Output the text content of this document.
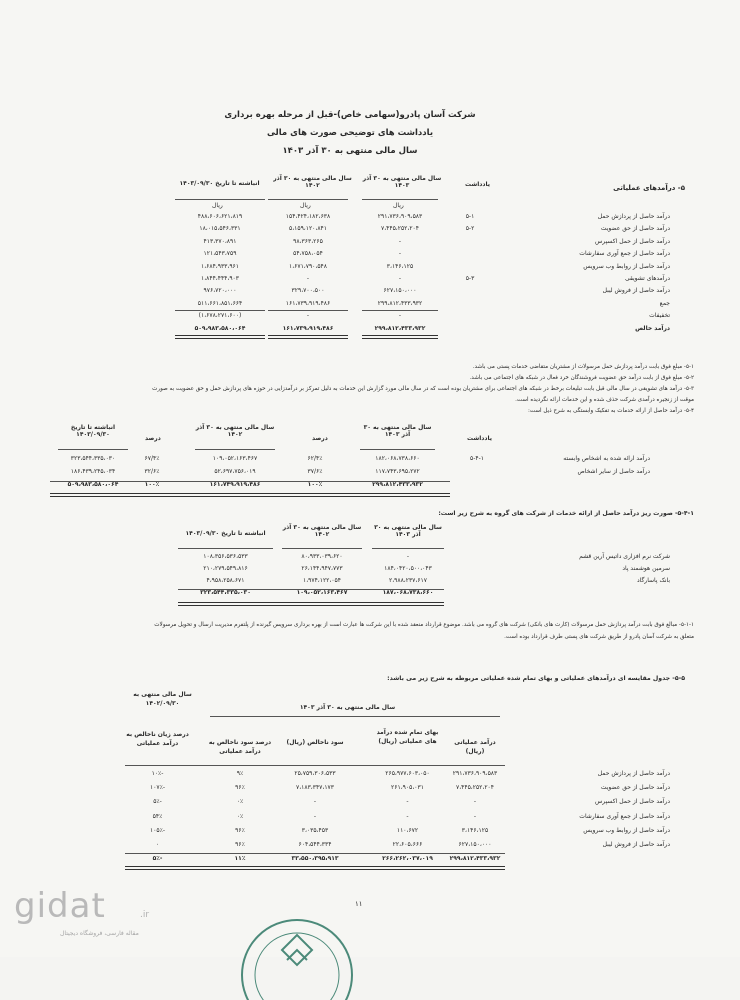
شرکت آسان پادرو(سهامی خاص)-قبل از مرحله بهره برداری
یادداشت های توضیحی صورت های مالی
سال مالی منتهی به ۳۰ آذر ۱۴۰۳
۵- درآمدهای عملیاتی
یادداشت
سال مالی منتهی به ۳۰ آذر ۱۴۰۳
سال مالی منتهی به ۳۰ آذر ۱۴۰۲
انباشته تا تاریخ ۱۴۰۳/۰۹/۳۰
ریال
ریال
ریال
درآمد حاصل از پردازش حمل
۵-۱
۲۹۱،۷۳۶،۹۰۹،۵۸۳
۱۵۴،۴۲۴،۱۸۲،۶۳۸
۴۸۸،۶۰۶،۶۲۱،۸۱۹
درآمد حاصل از حق عضویت
۵-۲
۷،۴۴۵،۲۵۲،۲۰۴
۵،۱۵۹،۱۲۰،۸۴۱
۱۸،۰۱۵،۵۴۶،۳۳۱
درآمد حاصل از حمل اکسپرس
-
۹۸،۳۶۳،۲۶۵
۴۱۳،۳۷۰،۸۹۱
درآمد حاصل از جمع آوری سفارشات
-
۵۴،۷۵۸،۰۵۴
۱۲۱،۵۴۳،۷۵۹
درآمد حاصل از روابط وب سرویس
۳،۱۴۶،۱۲۵
۱،۶۷۱،۷۹۰،۵۴۸
۱،۶۸۴،۹۳۳،۹۶۱
درآمدهای تشویقی
۵-۳
-
-
۱،۸۴۴،۴۴۴،۹۰۳
درآمد حاصل از فروش لیبل
۶۲۷،۱۵۰،۰۰۰
۳۲۹،۷۰۰،۵۰۰
۹۷۶،۷۲۰،۰۰۰
جمع
۲۹۹،۸۱۲،۴۳۳،۹۳۲
۱۶۱،۷۳۹،۹۱۹،۴۸۶
۵۱۱،۶۶۱،۸۵۱،۶۶۴
تخفیفات
-
-
(۱،۶۷۸،۲۷۱،۶۰۰)
درآمد خالص
۲۹۹،۸۱۲،۴۳۳،۹۳۲
۱۶۱،۷۳۹،۹۱۹،۴۸۶
۵۰۹،۹۸۳،۵۸۰،۰۶۴
۵-۱- مبلغ فوق بابت درآمد پردازش حمل مرسولات از مشتریان متقاضی خدمات پستی می باشد.
۵-۲- مبلغ فوق از بابت درآمد حق عضویت فروشندگان خرد فعال در شبکه های اجتماعی می باشد.
۵-۳- درآمد های تشویقی در سال مالی قبل بابت تبلیغات برخط در شبکه های اجتماعی برای مشتریان بوده است که در سال مالی مورد گزارش این خدمات به دلیل تمرکز بر درآمدزایی در حوزه های پردازش حمل و حق عضویت به صورت
موقت از زنجیره درآمدی شرکت حذف شده و این خدمات ارائه نگردیده است.
۵-۴- درآمد حاصل از ارائه خدمات به تفکیک وابستگی به شرح ذیل است:
یادداشت
سال مالی منتهی به ۳۰ آذر ۱۴۰۳
درصد
سال مالی منتهی به ۳۰ آذر ۱۴۰۲
درصد
انباشته تا تاریخ ۱۴۰۳/۰۹/۳۰
درآمد ارائه شده به اشخاص وابسته
۵-۴-۱
۱۸۲،۰۶۸،۷۳۸،۶۶۰
۶۲/۴٪
۱۰۹،۰۵۲،۱۶۳،۴۶۷
۶۷/۴٪
۳۲۳،۵۴۴،۳۳۵،۰۳۰
درآمد حاصل از سایر اشخاص
۱۱۷،۷۴۳،۶۹۵،۲۷۲
۳۷/۶٪
۵۲،۶۹۷،۷۵۶،۰۱۹
۳۲/۶٪
۱۸۶،۴۳۹،۲۴۵،۰۳۴
۲۹۹،۸۱۲،۴۳۳،۹۳۲
۱۰۰٪
۱۶۱،۷۴۹،۹۱۹،۴۸۶
۱۰۰٪
۵۰۹،۹۸۳،۵۸۰،۰۶۴
۵-۴-۱- صورت ریز درآمد حاصل از ارائه خدمات از شرکت های گروه به شرح زیر است:
سال مالی منتهی به ۳۰ آذر ۱۴۰۳
سال مالی منتهی به ۳۰ آذر ۱۴۰۲
انباشته تا تاریخ ۱۴۰۳/۰۹/۳۰
شرکت نرم افزاری داتیس آرین قشم
-
۸۰،۹۳۳،۰۳۹،۶۲۰
۱۰۸،۳۵۶،۵۳۶،۵۳۳
سرمین هوشمند پاد
۱۸۴،۰۴۲۰،۵۰۰،۰۴۳
۲۶،۱۴۴،۹۴۷،۷۷۳
۲۱۰،۲۷۹،۵۴۹،۸۱۶
بانک پاسارگاد
۲،۹۸۸،۲۳۷،۶۱۷
۱،۹۷۴،۱۲۲،۰۵۴
۴،۹۵۸،۲۵۸،۶۷۱
۱۸۷،۰۶۸،۷۳۸،۶۶۰
۱۰۹،۰۵۲،۱۶۳،۴۶۷
۳۲۳،۵۴۴،۳۳۵،۰۳۰
۵-۱-۱- مبالغ فوق بابت درآمد پردازش حمل مرسولات (کارت های بانکی) شرکت های گروه می باشد. موضوع قرارداد منعقد شده با این شرکت ها عبارت است از بهره برداری سرویس گیرنده از پلتفرم مدیریت ارسال و تحویل مرسولات
متعلق به شرکت آسان پادرو از طریق شرکت های پستی طرف قرارداد بوده است.
۵-۵- جدول مقایسه ای درآمدهای عملیاتی و بهای تمام شده عملیاتی مربوطه به شرح زیر می باشد:
سال مالی منتهی به ۱۴۰۲/۰۹/۳۰
سال مالی منتهی به ۳۰ آذر ۱۴۰۳
درآمد عملیاتی (ریال)
بهای تمام شده درآمد های عملیاتی (ریال)
سود ناخالص (ریال)
درصد سود ناخالص به درآمد عملیاتی
درصد زیان ناخالص به درآمد عملیاتی
درآمد حاصل از پردازش حمل
۲۹۱،۷۳۶،۹۰۹،۵۸۳
۲۶۵،۹۷۷،۶۰۳،۰۵۰
۲۵،۷۵۹،۳۰۶،۵۳۳
۹٪
-۱۰٪
درآمد حاصل از حق عضویت
۷،۴۴۵،۲۵۲،۲۰۴
۲۶۱،۹۰۵،۰۳۱
۷،۱۸۳،۳۴۷،۱۷۳
۹۶٪
-۱۰۷٪
درآمد حاصل از حمل اکسپرس
-
-
-
۰٪
-۵٪
درآمد حاصل از جمع آوری سفارشات
-
-
-
۰٪
۵۴٪
درآمد حاصل از روابط وب سرویس
۳،۱۴۶،۱۲۵
۱۱۰،۶۷۲
۳،۰۳۵،۴۵۳
۹۶٪
-۱۰۵٪
درآمد حاصل از فروش لیبل
۶۲۷،۱۵۰،۰۰۰
۲۲،۶۰۵،۶۶۶
۶۰۴،۵۴۴،۳۳۴
۹۶٪
۰
۲۹۹،۸۱۲،۴۳۳،۹۳۲
۲۶۶،۲۶۲،۰۳۷،۰۱۹
۳۳،۵۵۰،۳۹۵،۹۱۳
۱۱٪
-۵٪
۱۱
gidat	.ir
مقاله فارسی، فروشگاه دیجیتال
